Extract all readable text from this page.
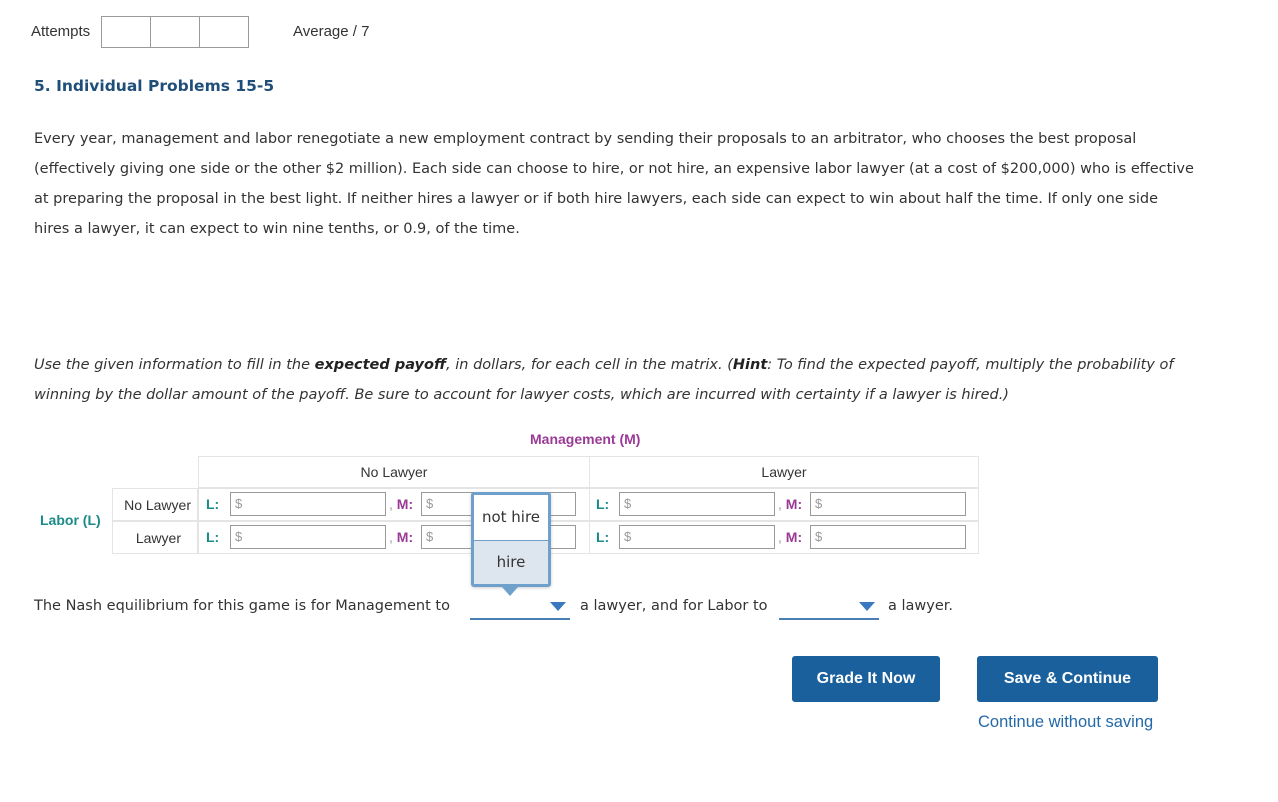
Attempts	Average / 7
5. Individual Problems 15-5
Every year, management and labor renegotiate a new employment contract by sending their proposals to an arbitrator, who chooses the best proposal (effectively giving one side or the other $2 million). Each side can choose to hire, or not hire, an expensive labor lawyer (at a cost of $200,000) who is effective at preparing the proposal in the best light. If neither hires a lawyer or if both hire lawyers, each side can expect to win about half the time. If only one side hires a lawyer, it can expect to win nine tenths, or 0.9, of the time.
Use the given information to fill in the expected payoff, in dollars, for each cell in the matrix. (Hint: To find the expected payoff, multiply the probability of winning by the dollar amount of the payoff. Be sure to account for lawyer costs, which are incurred with certainty if a lawyer is hired.)
Management (M)
Labor (L)
No Lawyer	Lawyer
No Lawyer
Lawyer
L:	$	, M: $	L:	$	, M: $
L:	$	, M: $	L:	$	, M: $
not hire
hire
The Nash equilibrium for this game is for Management to	a lawyer, and for Labor to	a lawyer.
Grade It Now	Save & Continue
Continue without saving
